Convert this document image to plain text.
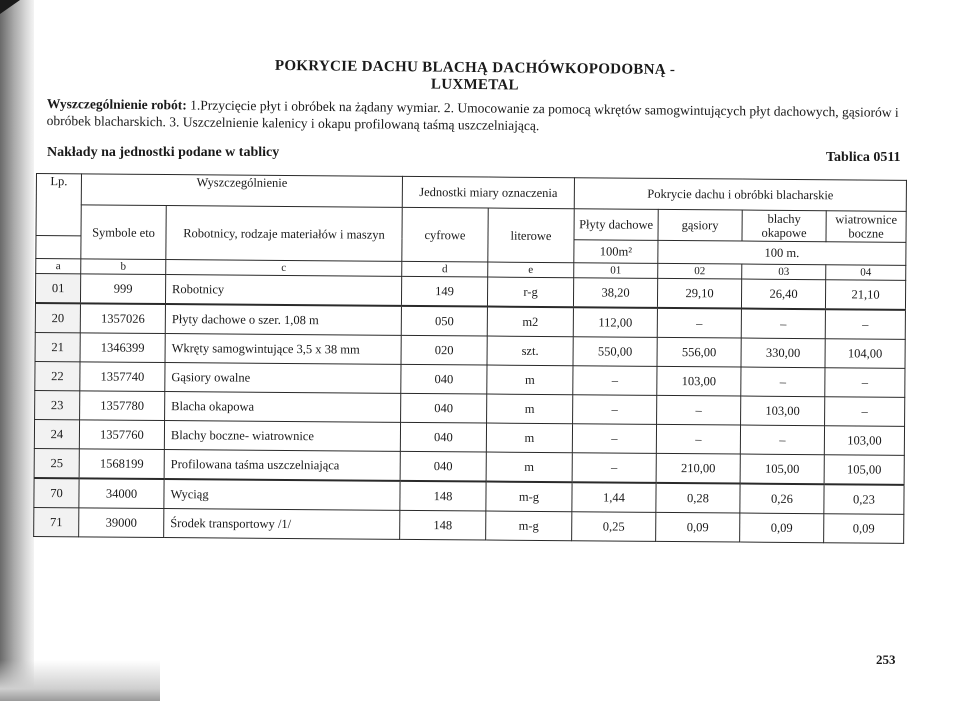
POKRYCIE DACHU BLACHĄ DACHÓWKOPODOBNĄ - LUXMETAL
Wyszczególnienie robót: 1.Przycięcie płyt i obróbek na żądany wymiar. 2. Umocowanie za pomocą wkrętów samogwintujących płyt dachowych, gąsiorów i obróbek blacharskich. 3. Uszczelnienie kalenicy i okapu profilowaną taśmą uszczelniającą.
Nakłady na jednostki podane w tablicy	Tablica 0511
Lp.	Wyszczególnienie		Jednostki miary oznaczenia		Pokrycie dachu i obróbki blacharskie			

	Symbole eto	Robotnicy, rodzaje materiałów i maszyn	cyfrowe	literowe	Płyty dachowe	gąsiory	blachy okapowe	wiatrownice boczne

					100m²	100 m.		
a	b	c	d	e	01	02	03	04
01	999	Robotnicy	149	r-g	38,20	29,10	26,40	21,10
20	1357026	Płyty dachowe o szer. 1,08 m	050	m2	112,00	–	–	–
21	1346399	Wkręty samogwintujące 3,5 x 38 mm	020	szt.	550,00	556,00	330,00	104,00
22	1357740	Gąsiory owalne	040	m	–	103,00	–	–
23	1357780	Blacha okapowa	040	m	–	–	103,00	–
24	1357760	Blachy boczne- wiatrownice	040	m	–	–	–	103,00
25	1568199	Profilowana taśma uszczelniająca	040	m	–	210,00	105,00	105,00
70	34000	Wyciąg	148	m-g	1,44	0,28	0,26	0,23
71	39000	Środek transportowy /1/	148	m-g	0,25	0,09	0,09	0,09
253
